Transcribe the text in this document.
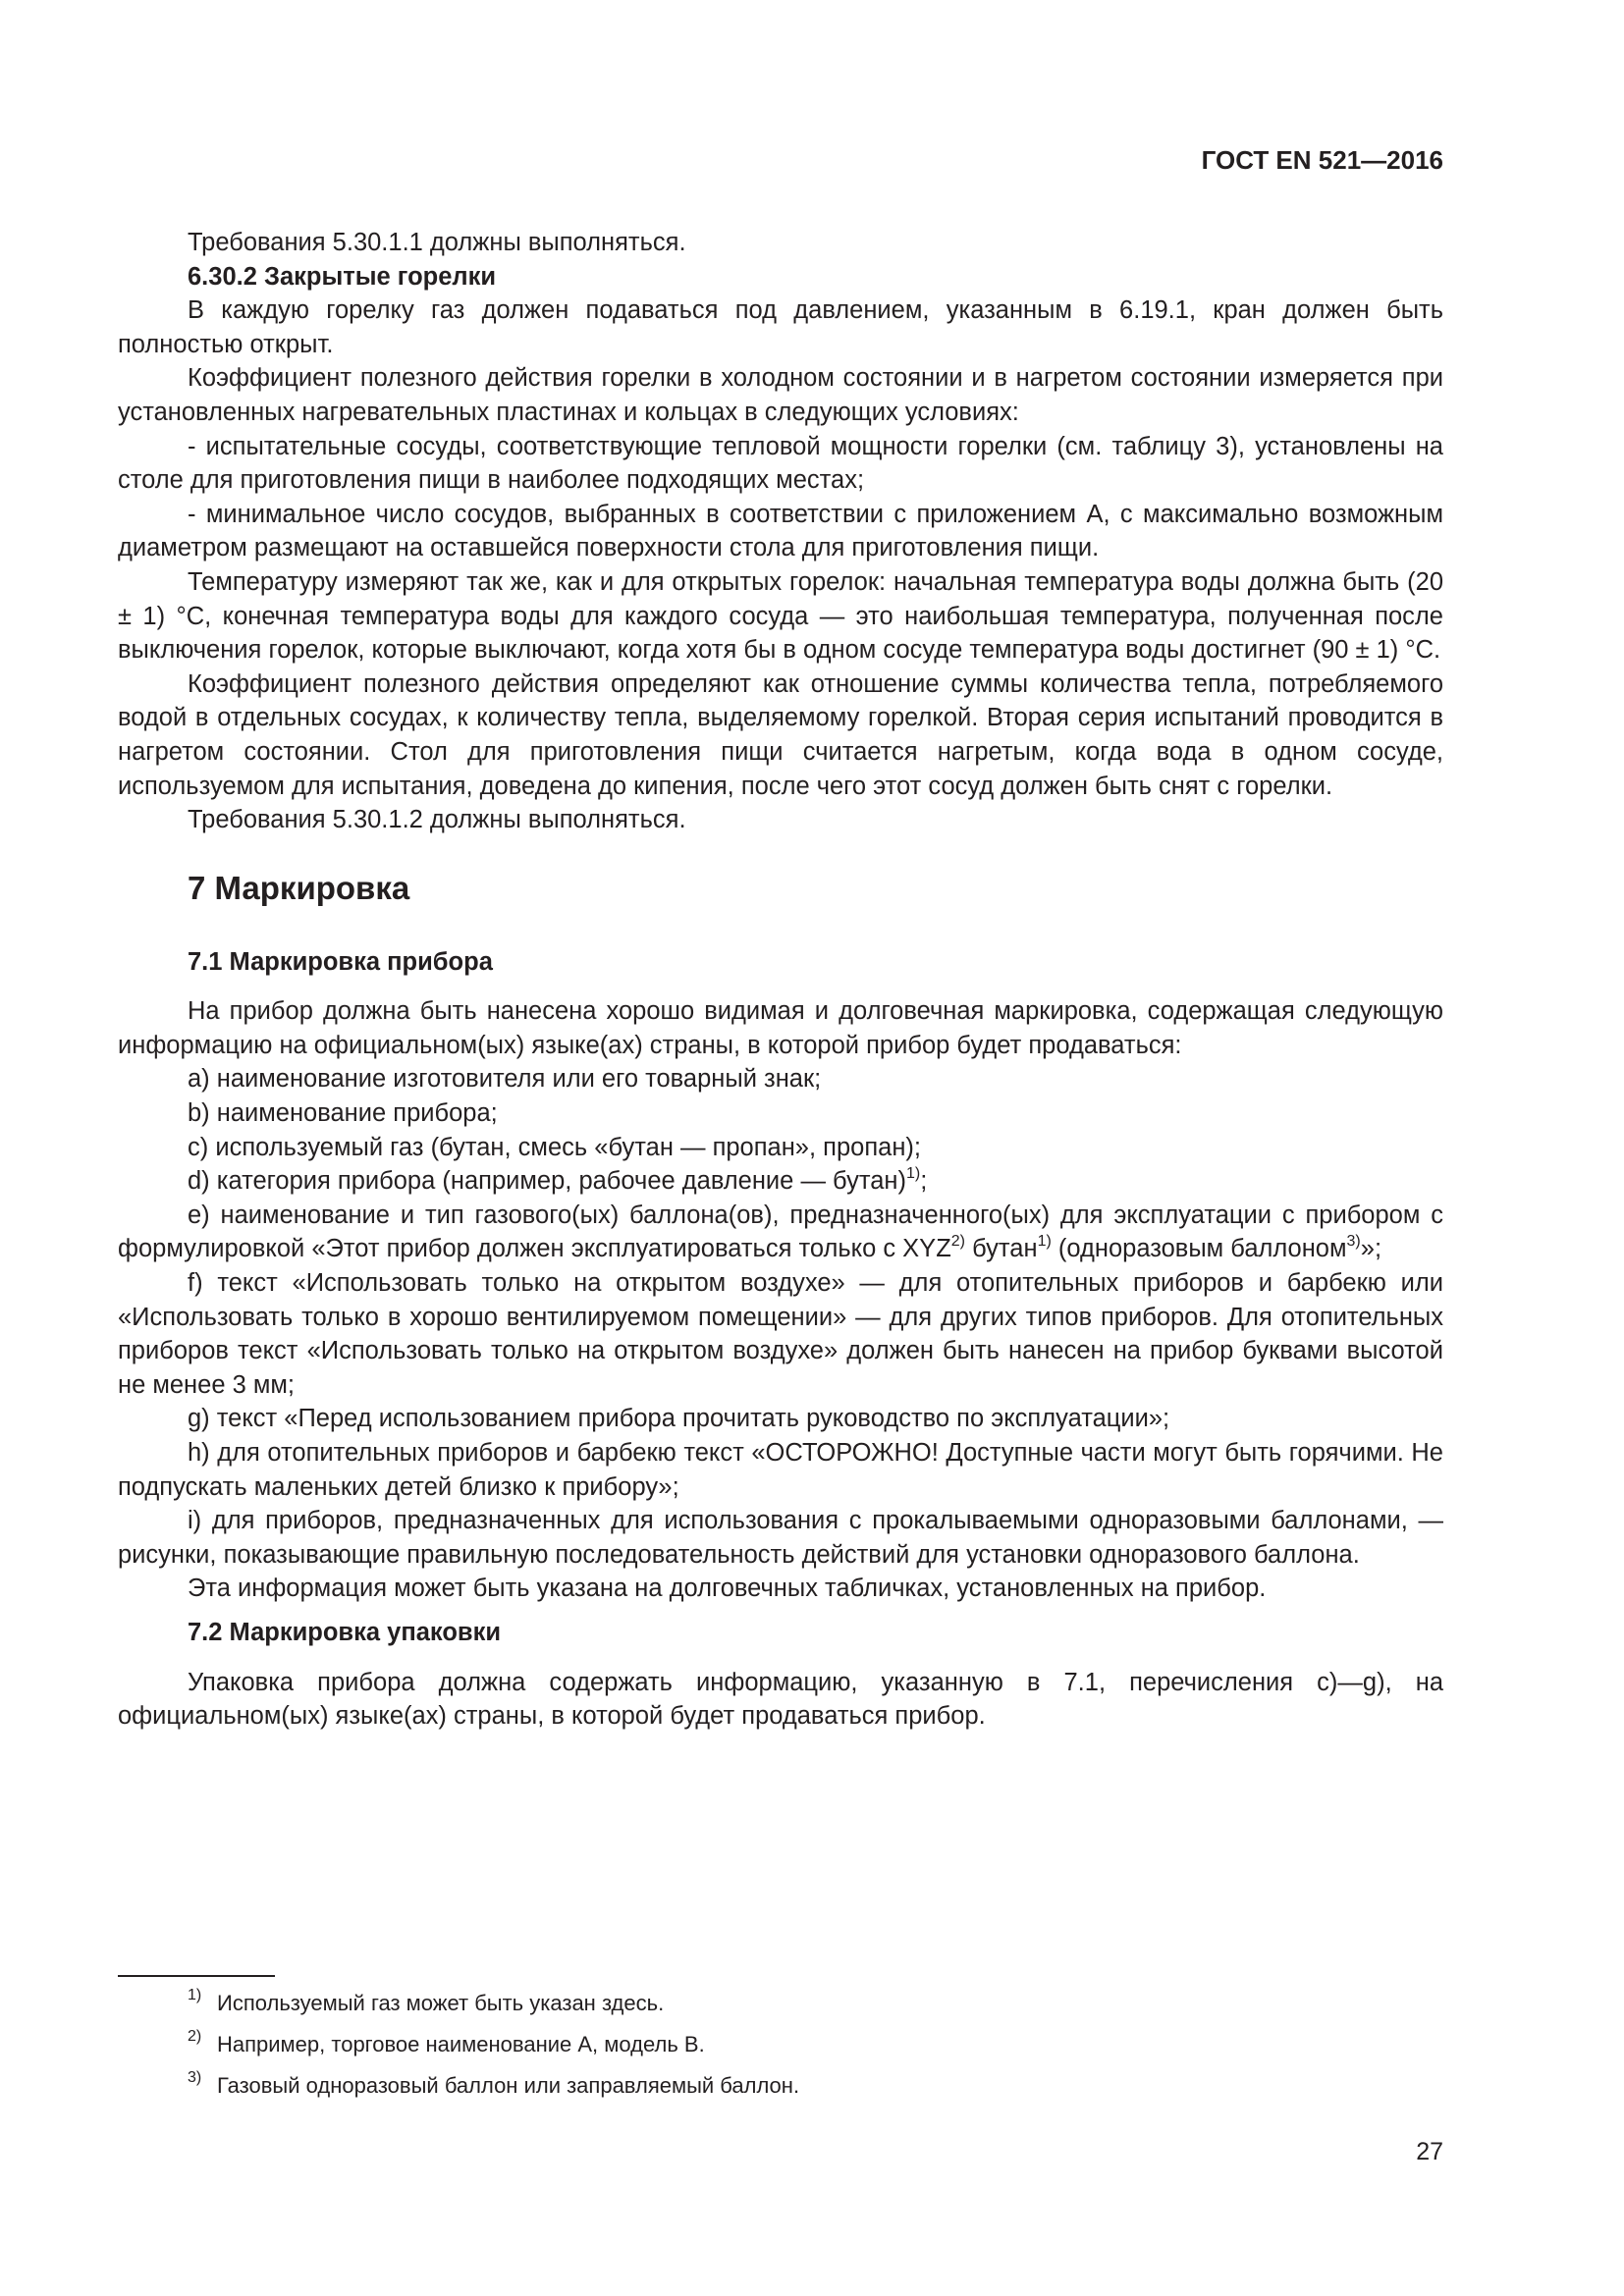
ГОСТ EN 521—2016

Требования 5.30.1.1 должны выполняться.

6.30.2 Закрытые горелки

В каждую горелку газ должен подаваться под давлением, указанным в 6.19.1, кран должен быть полностью открыт.

Коэффициент полезного действия горелки в холодном состоянии и в нагретом состоянии измеряется при установленных нагревательных пластинах и кольцах в следующих условиях:

- испытательные сосуды, соответствующие тепловой мощности горелки (см. таблицу 3), установлены на столе для приготовления пищи в наиболее подходящих местах;

- минимальное число сосудов, выбранных в соответствии с приложением А, с максимально возможным диаметром размещают на оставшейся поверхности стола для приготовления пищи.

Температуру измеряют так же, как и для открытых горелок: начальная температура воды должна быть (20 ± 1) °С, конечная температура воды для каждого сосуда — это наибольшая температура, полученная после выключения горелок, которые выключают, когда хотя бы в одном сосуде температура воды достигнет (90 ± 1) °С.

Коэффициент полезного действия определяют как отношение суммы количества тепла, потребляемого водой в отдельных сосудах, к количеству тепла, выделяемому горелкой. Вторая серия испытаний проводится в нагретом состоянии. Стол для приготовления пищи считается нагретым, когда вода в одном сосуде, используемом для испытания, доведена до кипения, после чего этот сосуд должен быть снят с горелки.

Требования 5.30.1.2 должны выполняться.

7 Маркировка

7.1 Маркировка прибора

На прибор должна быть нанесена хорошо видимая и долговечная маркировка, содержащая следующую информацию на официальном(ых) языке(ах) страны, в которой прибор будет продаваться:

а) наименование изготовителя или его товарный знак;

b) наименование прибора;

c) используемый газ (бутан, смесь «бутан — пропан», пропан);

d) категория прибора (например, рабочее давление — бутан)$^{1)}$;

e) наименование и тип газового(ых) баллона(ов), предназначенного(ых) для эксплуатации с прибором с формулировкой «Этот прибор должен эксплуатироваться только с XYZ$^{2)}$ бутан$^{1)}$ (одноразовым баллоном$^{3)}$»;

f) текст «Использовать только на открытом воздухе» — для отопительных приборов и барбекю или «Использовать только в хорошо вентилируемом помещении» — для других типов приборов. Для отопительных приборов текст «Использовать только на открытом воздухе» должен быть нанесен на прибор буквами высотой не менее 3 мм;

g) текст «Перед использованием прибора прочитать руководство по эксплуатации»;

h) для отопительных приборов и барбекю текст «ОСТОРОЖНО! Доступные части могут быть горячими. Не подпускать маленьких детей близко к прибору»;

i) для приборов, предназначенных для использования с прокалываемыми одноразовыми баллонами, — рисунки, показывающие правильную последовательность действий для установки одноразового баллона.

Эта информация может быть указана на долговечных табличках, установленных на прибор.

7.2 Маркировка упаковки

Упаковка прибора должна содержать информацию, указанную в 7.1, перечисления c)—g), на официальном(ых) языке(ах) страны, в которой будет продаваться прибор.

1) Используемый газ может быть указан здесь.
2) Например, торговое наименование А, модель В.
3) Газовый одноразовый баллон или заправляемый баллон.
27
